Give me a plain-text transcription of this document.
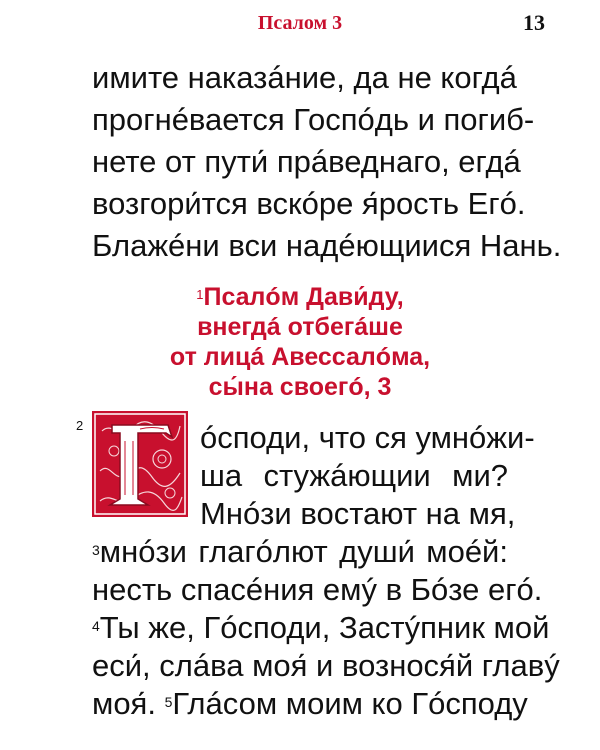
Псалом 3	13
имите наказáние, да не когдá
прогнéвается Госпóдь и погиб-
нете от пути́ прáведнаго, егдá
возгори́тся вскóре я́рость Егó.
Блажéни вси надéющиися Нань.
$^1$Псалóм Дави́ду,
внегдá отбегáше
от лицá Авессалóма,
сы́на своегó, 3
2	óсподи, что ся умнóжи-
ша стужáющии ми?
Мнóзи востают на мя,
$^3$мнóзи глагóлют души́ моéй:
несть спасéния емý в Бóзе егó.
$^4$Ты же, Гóсподи, Застýпник мой
еси́, слáва моя́ и вознося́й главý
моя́. $^5$Глáсом моим ко Гóсподу
